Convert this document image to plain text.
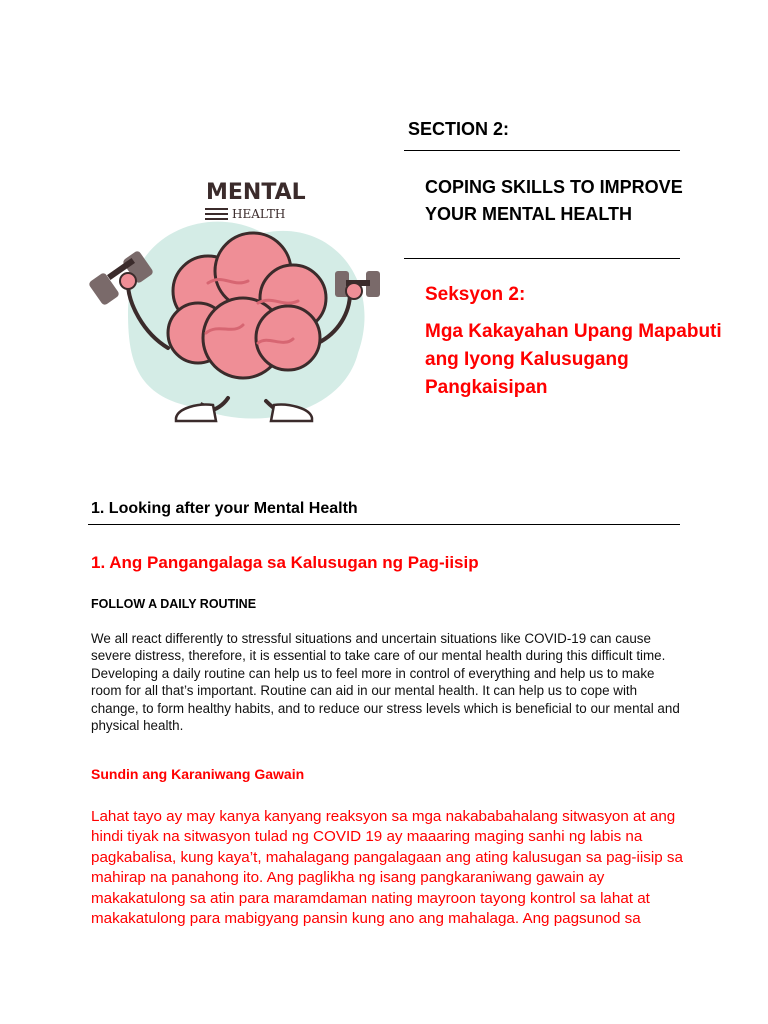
SECTION 2:
COPING SKILLS TO IMPROVE YOUR MENTAL HEALTH
Seksyon 2:
Mga Kakayahan Upang Mapabuti ang Iyong Kalusugang Pangkaisipan
MENTAL
HEALTH
1. Looking after your Mental Health
1. Ang Pangangalaga sa Kalusugan ng Pag-iisip
FOLLOW A DAILY ROUTINE

We all react differently to stressful situations and uncertain situations like COVID-19 can cause severe distress, therefore, it is essential to take care of our mental health during this difficult time. Developing a daily routine can help us to feel more in control of everything and help us to make room for all that’s important. Routine can aid in our mental health. It can help us to cope with change, to form healthy habits, and to reduce our stress levels which is beneficial to our mental and physical health.

Sundin ang Karaniwang Gawain

Lahat tayo ay may kanya kanyang reaksyon sa mga nakababahalang sitwasyon at ang hindi tiyak na sitwasyon tulad ng COVID 19 ay maaaring maging sanhi ng labis na pagkabalisa, kung kaya’t, mahalagang pangalagaan ang ating kalusugan sa pag-iisip sa mahirap na panahong ito. Ang paglikha ng isang pangkaraniwang gawain ay makakatulong sa atin para maramdaman nating mayroon tayong kontrol sa lahat at makakatulong para mabigyang pansin kung ano ang mahalaga. Ang pagsunod sa
